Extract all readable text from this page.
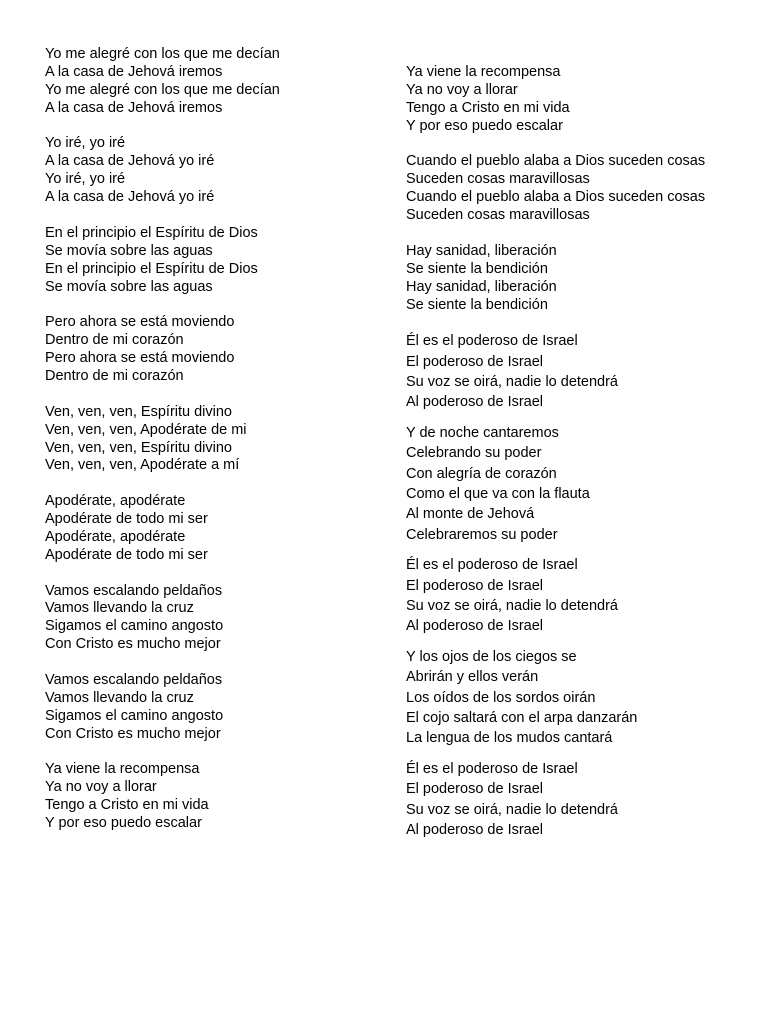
Yo me alegré con los que me decían
A la casa de Jehová iremos
Yo me alegré con los que me decían
A la casa de Jehová iremos
Yo iré, yo iré
A la casa de Jehová yo iré
Yo iré, yo iré
A la casa de Jehová yo iré
En el principio el Espíritu de Dios
Se movía sobre las aguas
En el principio el Espíritu de Dios
Se movía sobre las aguas
Pero ahora se está moviendo
Dentro de mi corazón
Pero ahora se está moviendo
Dentro de mi corazón
Ven, ven, ven, Espíritu divino
Ven, ven, ven, Apodérate de mi
Ven, ven, ven, Espíritu divino
Ven, ven, ven, Apodérate a mí
Apodérate, apodérate
Apodérate de todo mi ser
Apodérate, apodérate
Apodérate de todo mi ser
Vamos escalando peldaños
Vamos llevando la cruz
Sigamos el camino angosto
Con Cristo es mucho mejor
Vamos escalando peldaños
Vamos llevando la cruz
Sigamos el camino angosto
Con Cristo es mucho mejor
Ya viene la recompensa
Ya no voy a llorar
Tengo a Cristo en mi vida
Y por eso puedo escalar
Ya viene la recompensa
Ya no voy a llorar
Tengo a Cristo en mi vida
Y por eso puedo escalar
Cuando el pueblo alaba a Dios suceden cosas
Suceden cosas maravillosas
Cuando el pueblo alaba a Dios suceden cosas
Suceden cosas maravillosas
Hay sanidad, liberación
Se siente la bendición
Hay sanidad, liberación
Se siente la bendición
Él es el poderoso de Israel
El poderoso de Israel
Su voz se oirá, nadie lo detendrá
Al poderoso de Israel
Y de noche cantaremos
Celebrando su poder
Con alegría de corazón
Como el que va con la flauta
Al monte de Jehová
Celebraremos su poder
Él es el poderoso de Israel
El poderoso de Israel
Su voz se oirá, nadie lo detendrá
Al poderoso de Israel
Y los ojos de los ciegos se
Abrirán y ellos verán
Los oídos de los sordos oirán
El cojo saltará con el arpa danzarán
La lengua de los mudos cantará
Él es el poderoso de Israel
El poderoso de Israel
Su voz se oirá, nadie lo detendrá
Al poderoso de Israel
